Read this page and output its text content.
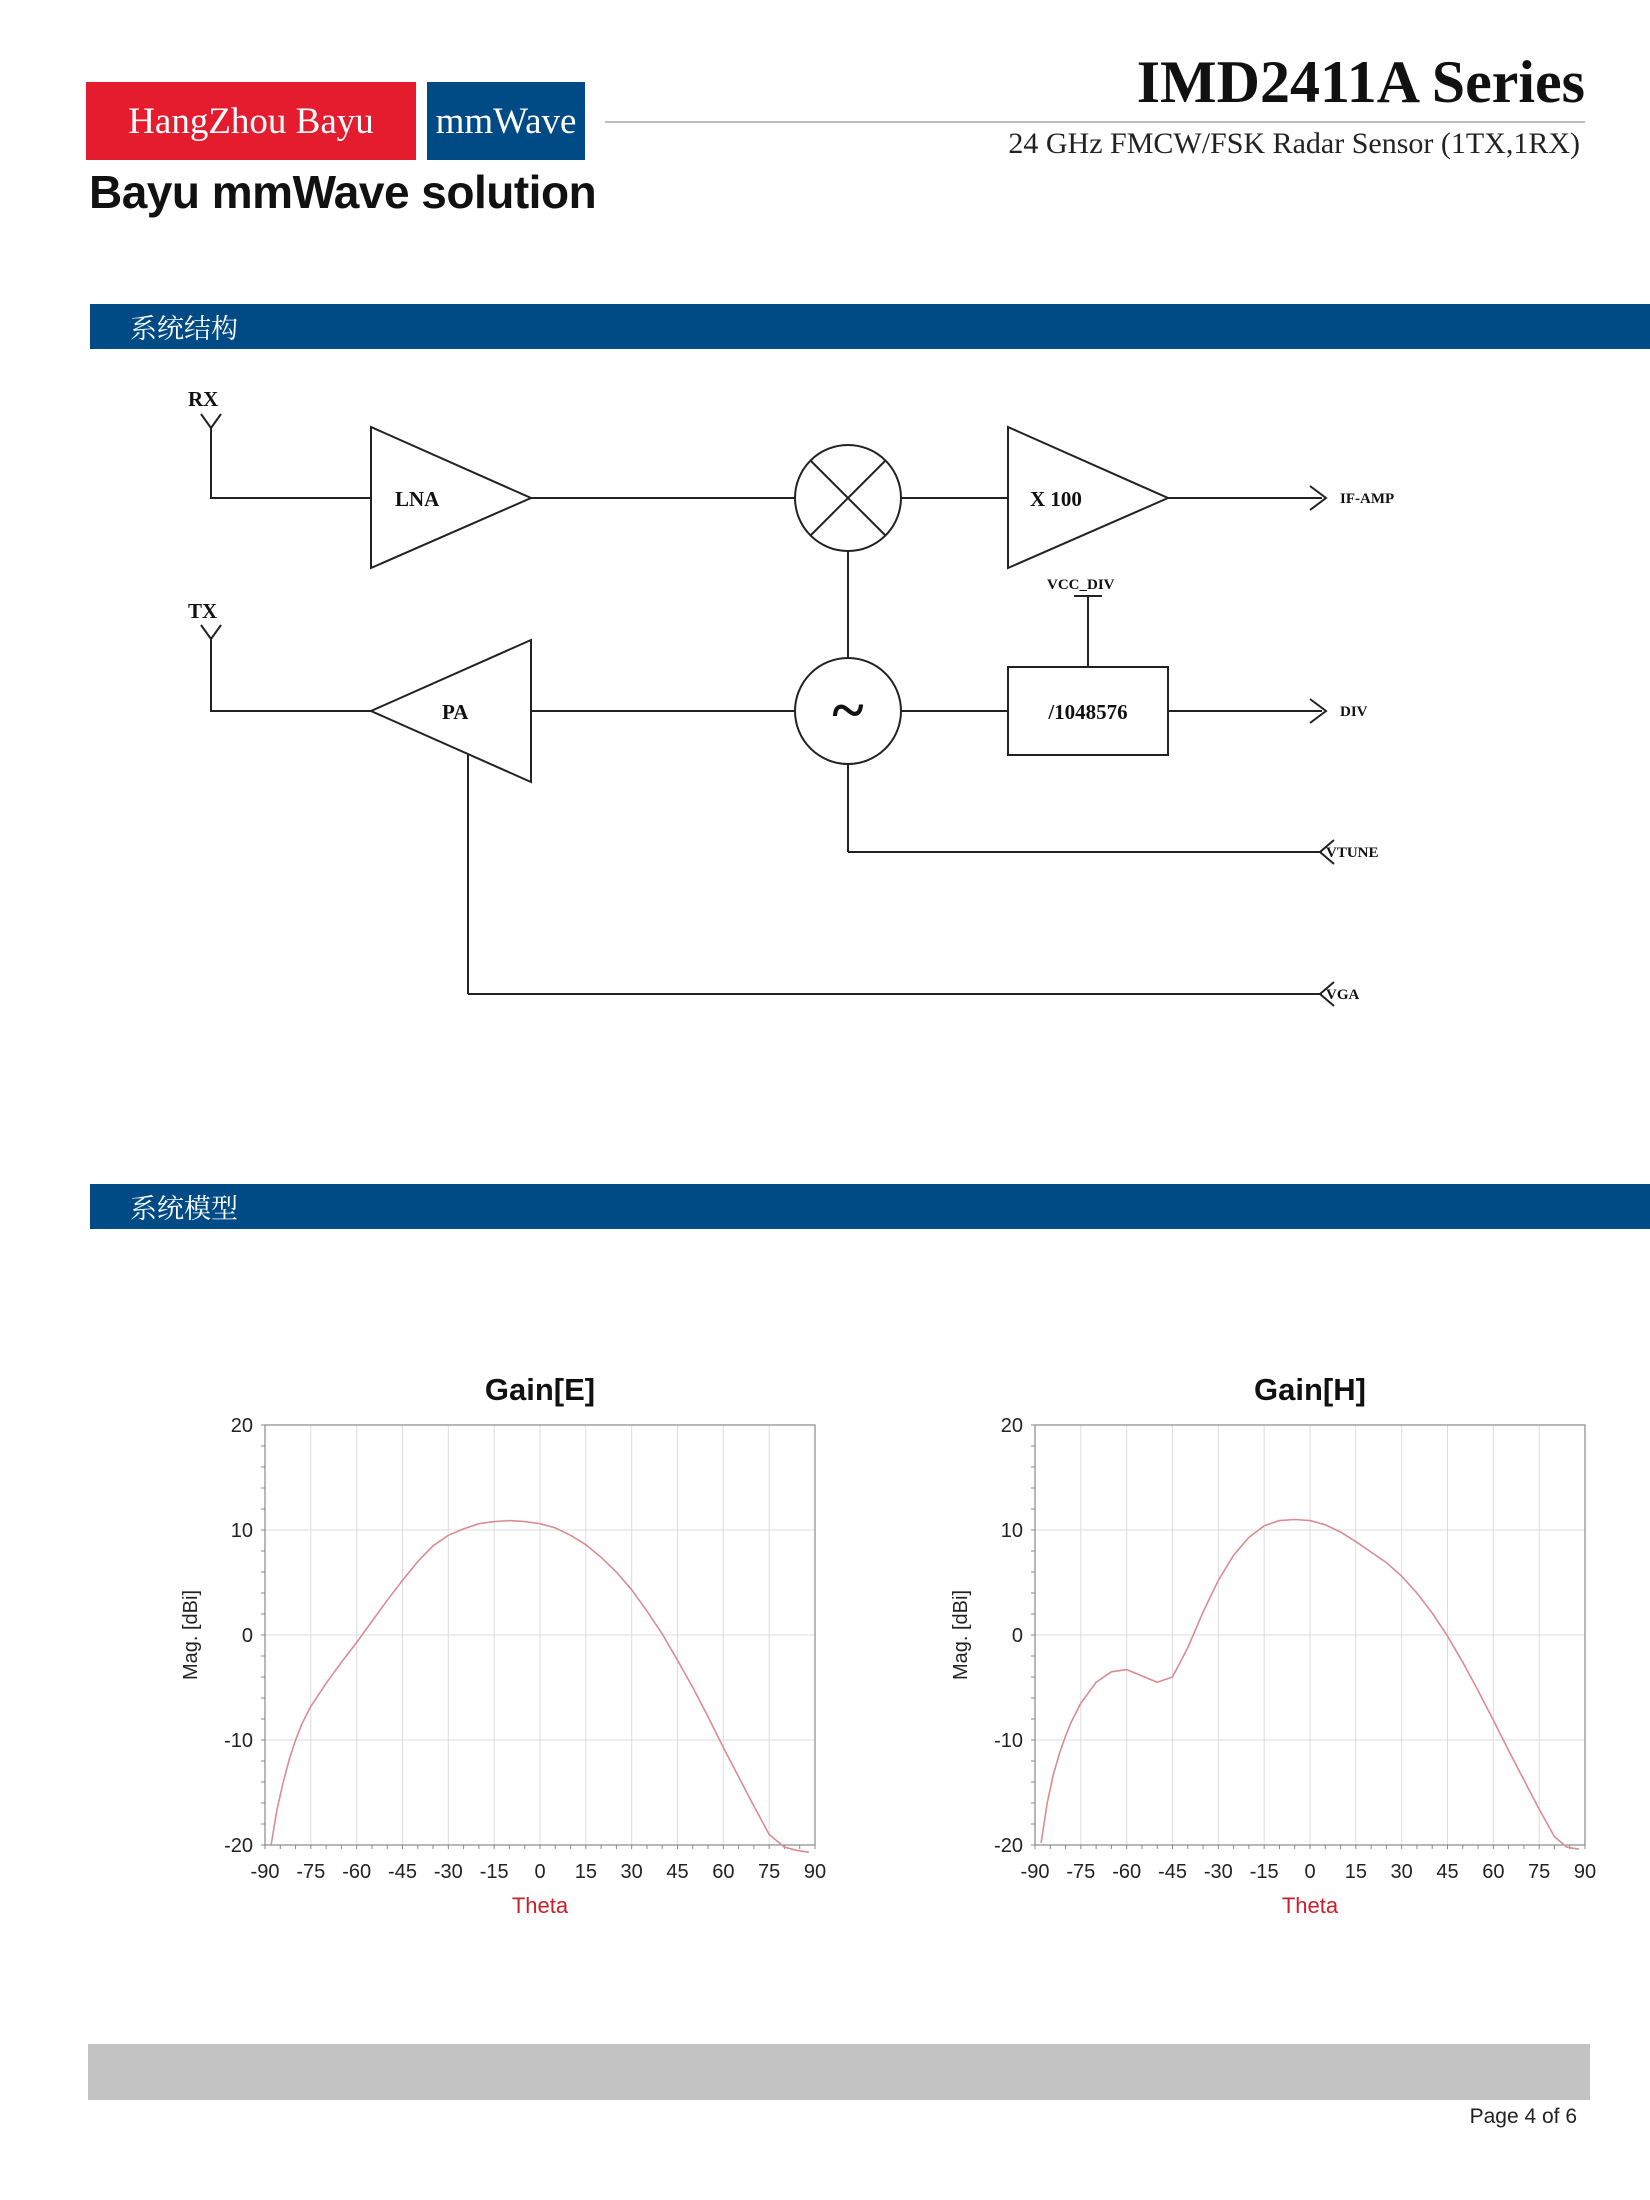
HangZhou Bayu	mmWave
Bayu mmWave solution
IMD2411A Series
24 GHz FMCW/FSK Radar Sensor (1TX,1RX)
系统结构
RX
TX
LNA
PA
X 100
VCC_DIV
/1048576
~
IF-AMP
DIV
VTUNE
VGA
系统模型
-20
-10
0
10
20
-90 -75 -60 -45 -30 -15 0 15 30 45 60 75 90
Gain[E]
Theta
Mag. [dBi]
-20
-10
0
10
20
-90 -75 -60 -45 -30 -15 0 15 30 45 60 75 90
Gain[H]
Theta
Mag. [dBi]
Page 4 of 6
